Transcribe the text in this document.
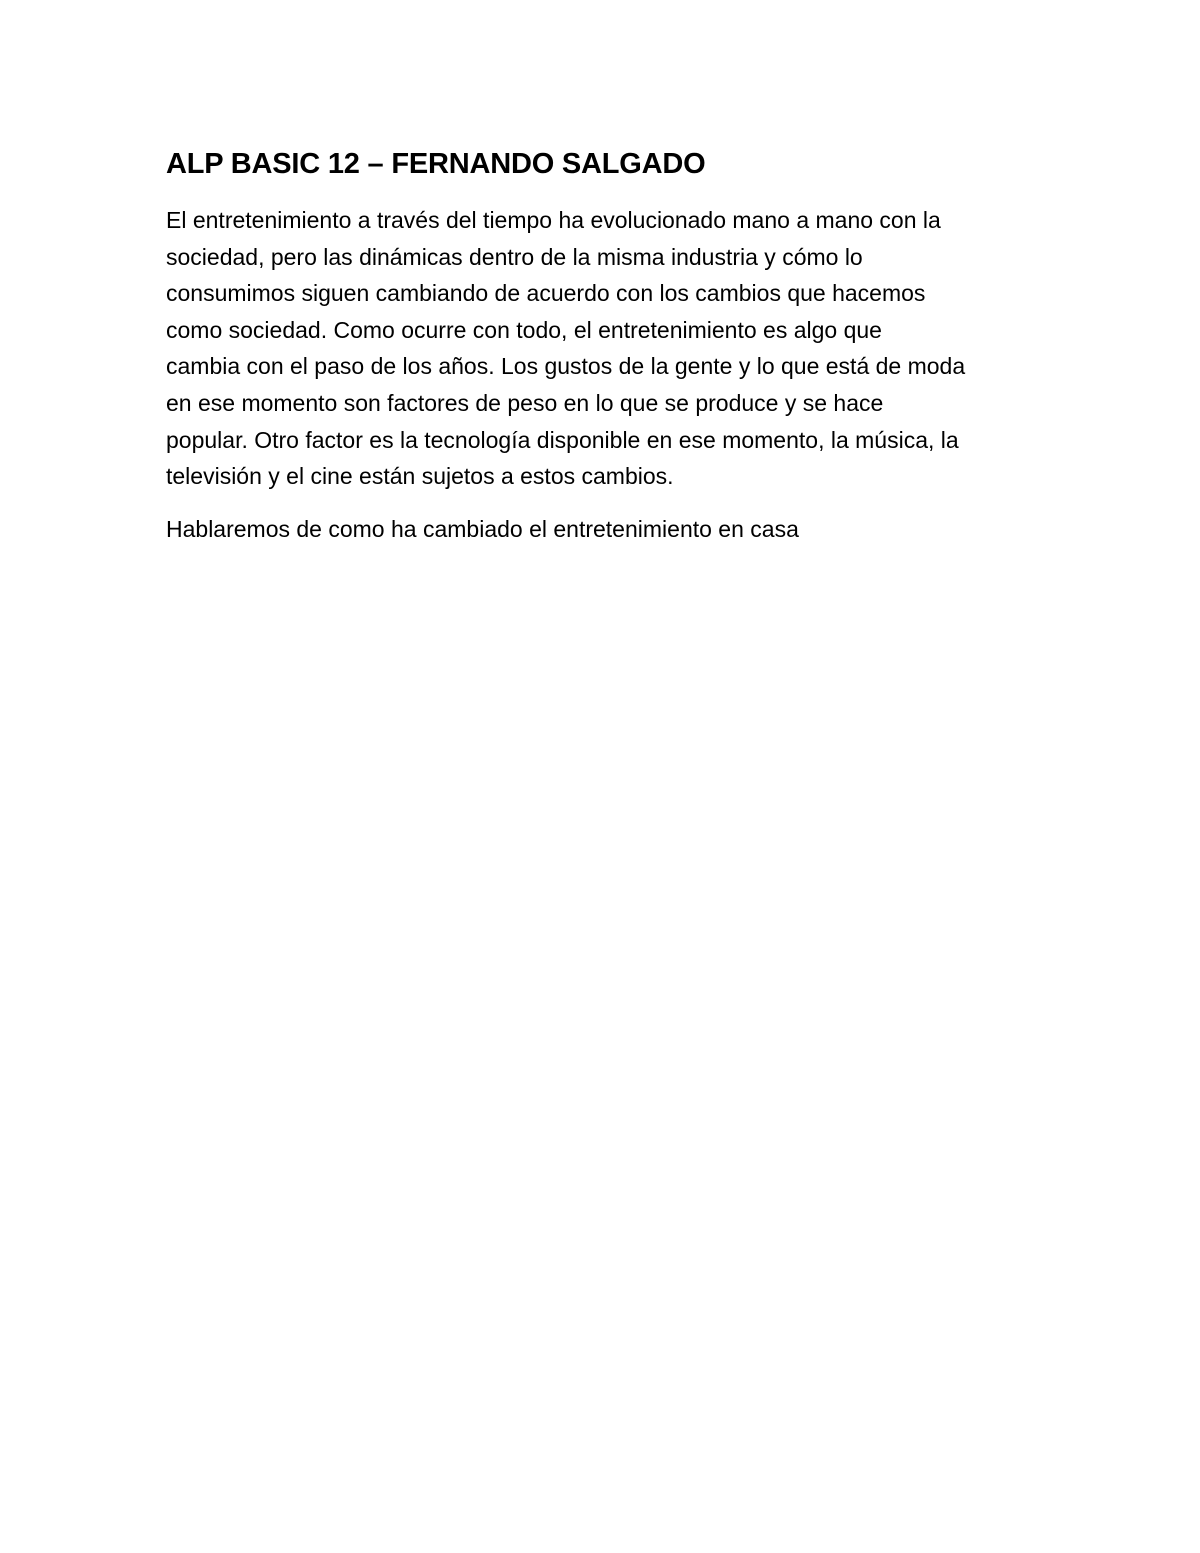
ALP BASIC 12 – FERNANDO SALGADO

El entretenimiento a través del tiempo ha evolucionado mano a mano con la
sociedad, pero las dinámicas dentro de la misma industria y cómo lo
consumimos siguen cambiando de acuerdo con los cambios que hacemos
como sociedad. Como ocurre con todo, el entretenimiento es algo que
cambia con el paso de los años. Los gustos de la gente y lo que está de moda
en ese momento son factores de peso en lo que se produce y se hace
popular. Otro factor es la tecnología disponible en ese momento, la música, la
televisión y el cine están sujetos a estos cambios.

Hablaremos de como ha cambiado el entretenimiento en casa
